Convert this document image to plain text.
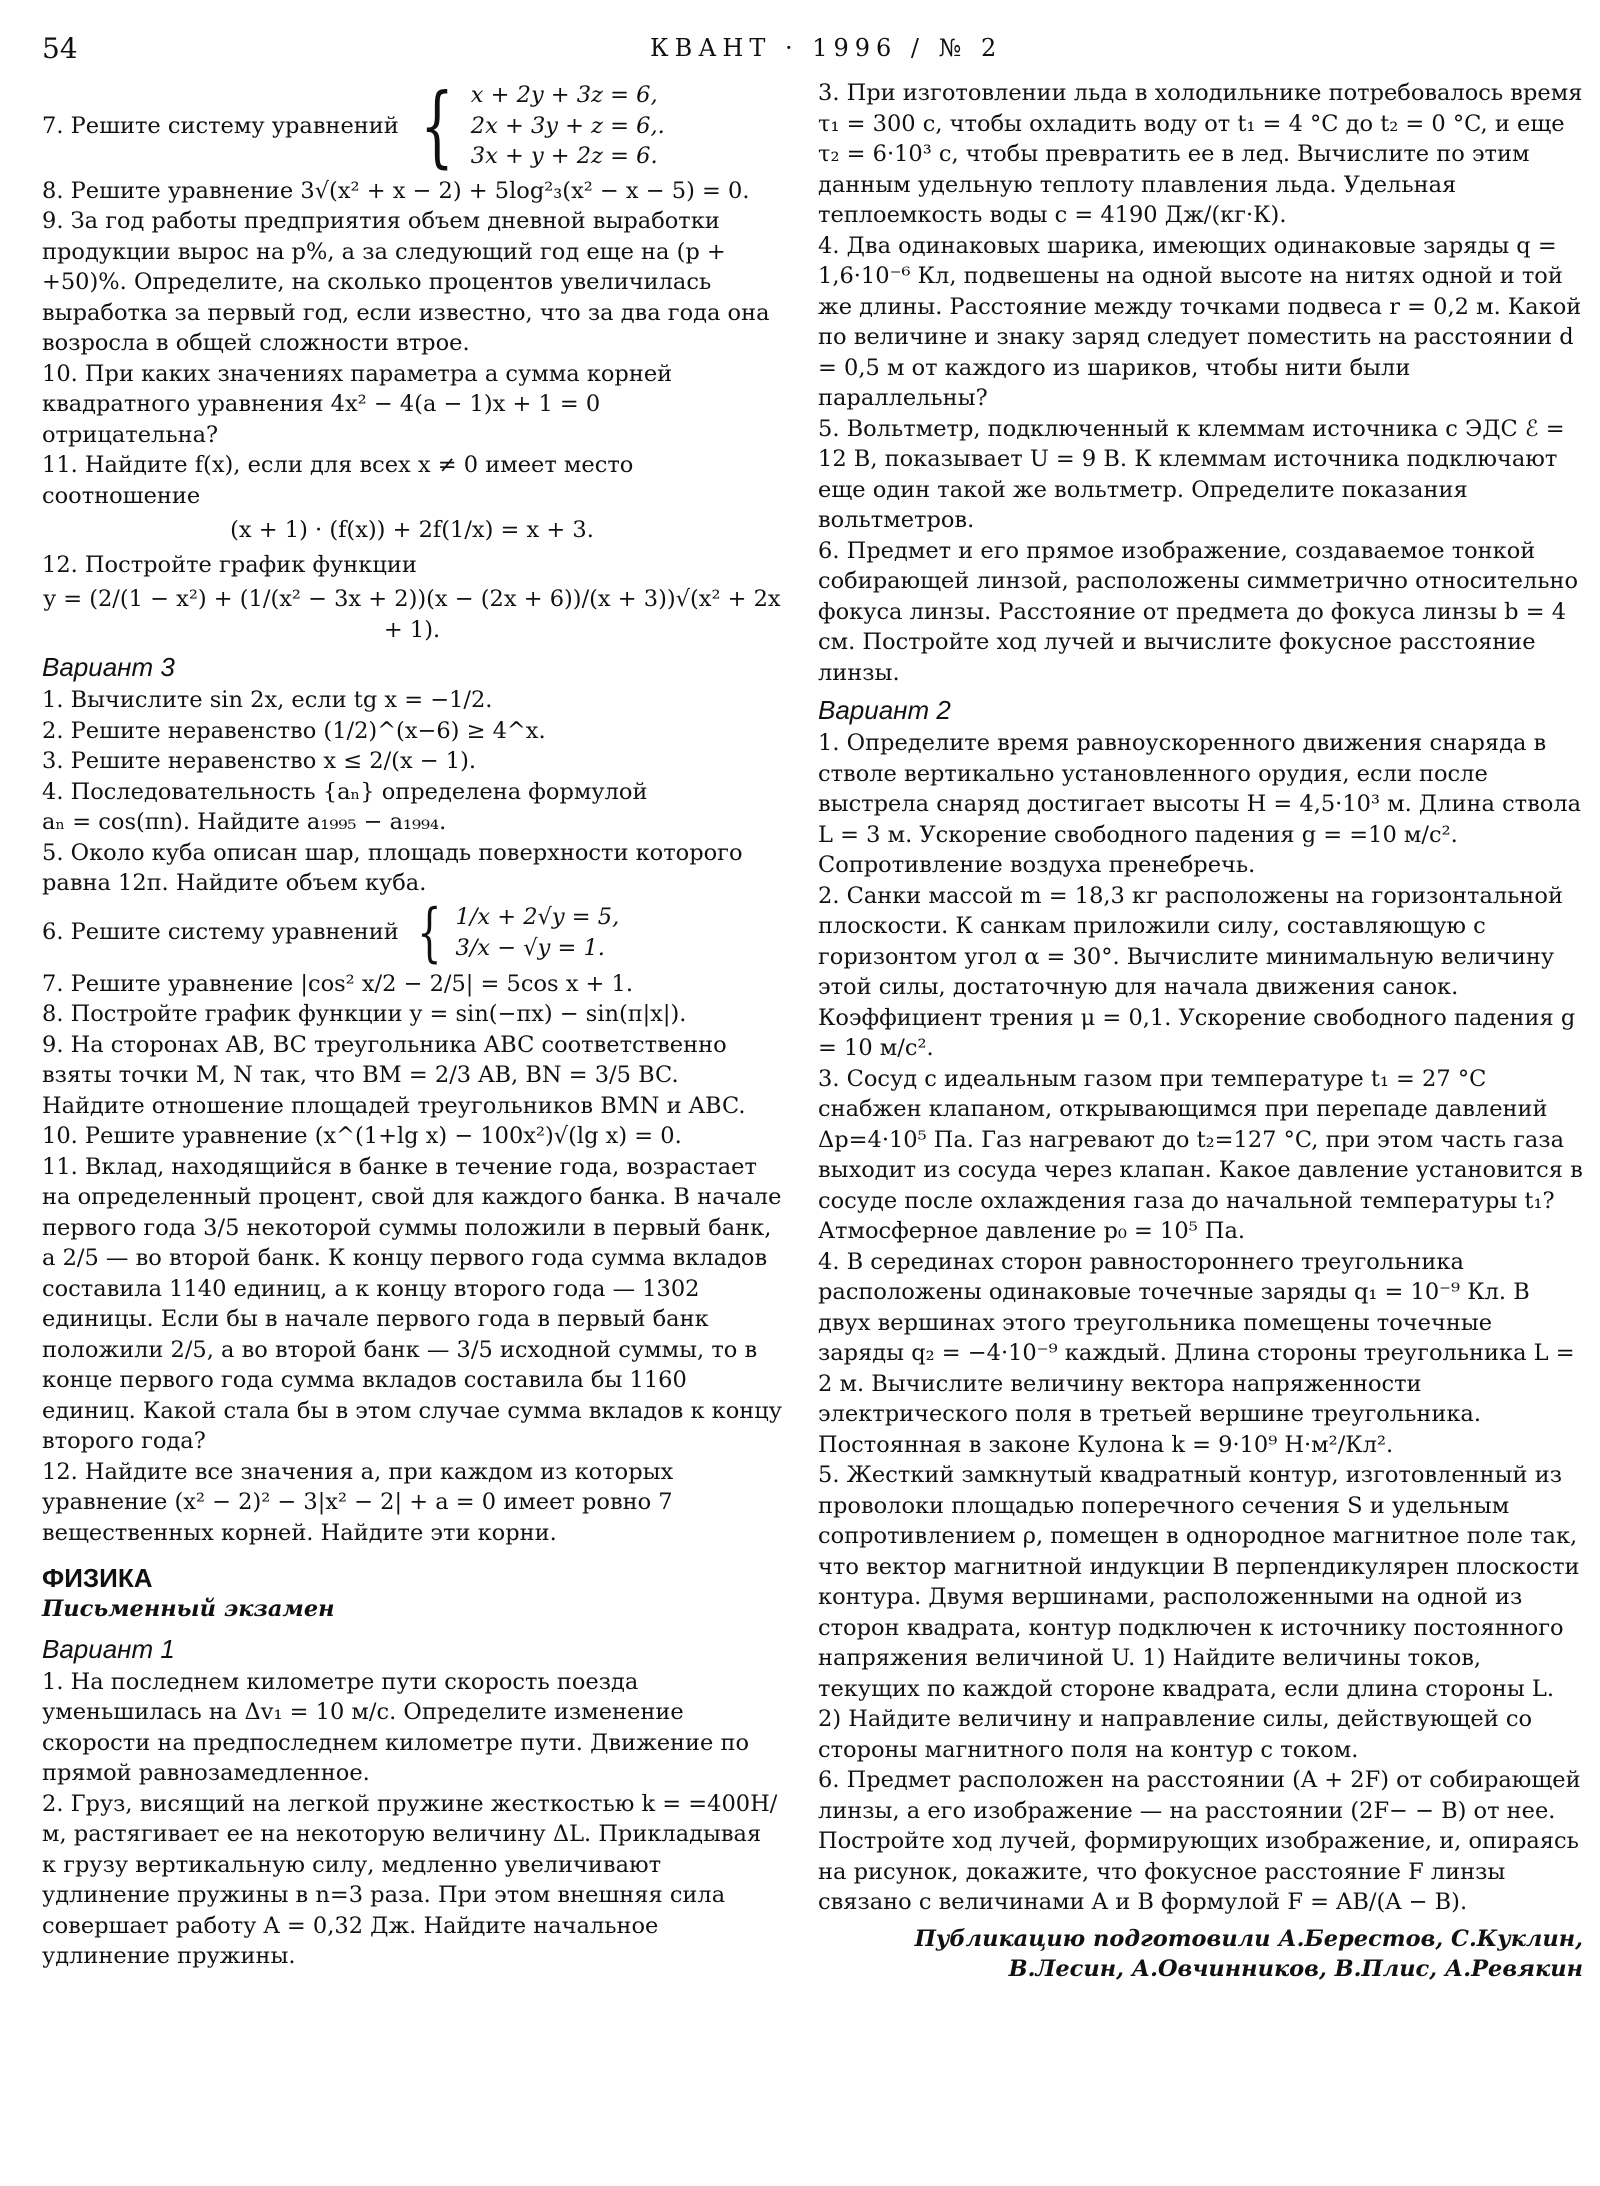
54	КВАНТ · 1996 / № 2
7. Решите систему уравнений { x + 2y + 3z = 6,
2x + 3y + z = 6,.
3x + y + 2z = 6.

8. Решите уравнение 3√(x² + x − 2) + 5log²₃(x² − x − 5) = 0.

9. За год работы предприятия объем дневной выработки продукции вырос на p%, а за следующий год еще на (p + +50)%. Определите, на сколько процентов увеличилась выработка за первый год, если известно, что за два года она возросла в общей сложности втрое.

10. При каких значениях параметра a сумма корней квадратного уравнения 4x² − 4(a − 1)x + 1 = 0 отрицательна?

11. Найдите f(x), если для всех x ≠ 0 имеет место соотношение

(x + 1) · (f(x)) + 2f(1/x) = x + 3.

12. Постройте график функции

y = (2/(1 − x²) + (1/(x² − 3x + 2))(x − (2x + 6))/(x + 3))√(x² + 2x + 1).

Вариант 3

1. Вычислите sin 2x, если tg x = −1/2.

2. Решите неравенство (1/2)^(x−6) ≥ 4^x.

3. Решите неравенство x ≤ 2/(x − 1).

4. Последовательность {aₙ} определена формулой

aₙ = cos(πn). Найдите a₁₉₉₅ − a₁₉₉₄.

5. Около куба описан шар, площадь поверхности которого равна 12π. Найдите объем куба.

6. Решите систему уравнений { 1/x + 2√y = 5,
3/x − √y = 1.

7. Решите уравнение |cos² x/2 − 2/5| = 5cos x + 1.

8. Постройте график функции y = sin(−πx) − sin(π|x|).

9. На сторонах AB, BC треугольника ABC соответственно взяты точки M, N так, что BM = 2/3 AB, BN = 3/5 BC. Найдите отношение площадей треугольников BMN и ABC.

10. Решите уравнение (x^(1+lg x) − 100x²)√(lg x) = 0.

11. Вклад, находящийся в банке в течение года, возрастает на определенный процент, свой для каждого банка. В начале первого года 3/5 некоторой суммы положили в первый банк, а 2/5 — во второй банк. К концу первого года сумма вкладов составила 1140 единиц, а к концу второго года — 1302 единицы. Если бы в начале первого года в первый банк положили 2/5, а во второй банк — 3/5 исходной суммы, то в конце первого года сумма вкладов составила бы 1160 единиц. Какой стала бы в этом случае сумма вкладов к концу второго года?

12. Найдите все значения a, при каждом из которых уравнение (x² − 2)² − 3|x² − 2| + a = 0 имеет ровно 7 вещественных корней. Найдите эти корни.

ФИЗИКА

Письменный экзамен

Вариант 1

1. На последнем километре пути скорость поезда уменьшилась на Δv₁ = 10 м/с. Определите изменение скорости на предпоследнем километре пути. Движение по прямой равнозамедленное.

2. Груз, висящий на легкой пружине жесткостью k = =400Н/м, растягивает ее на некоторую величину ΔL. Прикладывая к грузу вертикальную силу, медленно увеличивают удлинение пружины в n=3 раза. При этом внешняя сила совершает работу A = 0,32 Дж. Найдите начальное удлинение пружины.

3. При изготовлении льда в холодильнике потребовалось время τ₁ = 300 с, чтобы охладить воду от t₁ = 4 °C до t₂ = 0 °C, и еще τ₂ = 6·10³ с, чтобы превратить ее в лед. Вычислите по этим данным удельную теплоту плавления льда. Удельная теплоемкость воды c = 4190 Дж/(кг·К).

4. Два одинаковых шарика, имеющих одинаковые заряды q = 1,6·10⁻⁶ Кл, подвешены на одной высоте на нитях одной и той же длины. Расстояние между точками подвеса r = 0,2 м. Какой по величине и знаку заряд следует поместить на расстоянии d = 0,5 м от каждого из шариков, чтобы нити были параллельны?

5. Вольтметр, подключенный к клеммам источника с ЭДС ℰ = 12 В, показывает U = 9 В. К клеммам источника подключают еще один такой же вольтметр. Определите показания вольтметров.

6. Предмет и его прямое изображение, создаваемое тонкой собирающей линзой, расположены симметрично относительно фокуса линзы. Расстояние от предмета до фокуса линзы b = 4 см. Постройте ход лучей и вычислите фокусное расстояние линзы.

Вариант 2

1. Определите время равноускоренного движения снаряда в стволе вертикально установленного орудия, если после выстрела снаряд достигает высоты H = 4,5·10³ м. Длина ствола L = 3 м. Ускорение свободного падения g = =10 м/с². Сопротивление воздуха пренебречь.

2. Санки массой m = 18,3 кг расположены на горизонтальной плоскости. К санкам приложили силу, составляющую с горизонтом угол α = 30°. Вычислите минимальную величину этой силы, достаточную для начала движения санок. Коэффициент трения μ = 0,1. Ускорение свободного падения g = 10 м/с².

3. Сосуд с идеальным газом при температуре t₁ = 27 °C снабжен клапаном, открывающимся при перепаде давлений Δp=4·10⁵ Па. Газ нагревают до t₂=127 °C, при этом часть газа выходит из сосуда через клапан. Какое давление установится в сосуде после охлаждения газа до начальной температуры t₁? Атмосферное давление p₀ = 10⁵ Па.

4. В серединах сторон равностороннего треугольника расположены одинаковые точечные заряды q₁ = 10⁻⁹ Кл. В двух вершинах этого треугольника помещены точечные заряды q₂ = −4·10⁻⁹ каждый. Длина стороны треугольника L = 2 м. Вычислите величину вектора напряженности электрического поля в третьей вершине треугольника. Постоянная в законе Кулона k = 9·10⁹ Н·м²/Кл².

5. Жесткий замкнутый квадратный контур, изготовленный из проволоки площадью поперечного сечения S и удельным сопротивлением ρ, помещен в однородное магнитное поле так, что вектор магнитной индукции B перпендикулярен плоскости контура. Двумя вершинами, расположенными на одной из сторон квадрата, контур подключен к источнику постоянного напряжения величиной U. 1) Найдите величины токов, текущих по каждой стороне квадрата, если длина стороны L. 2) Найдите величину и направление силы, действующей со стороны магнитного поля на контур с током.

6. Предмет расположен на расстоянии (A + 2F) от собирающей линзы, а его изображение — на расстоянии (2F− − B) от нее. Постройте ход лучей, формирующих изображение, и, опираясь на рисунок, докажите, что фокусное расстояние F линзы связано с величинами A и B формулой F = AB/(A − B).

Публикацию подготовили А.Берестов, С.Куклин,
В.Лесин, А.Овчинников, В.Плис, А.Ревякин
